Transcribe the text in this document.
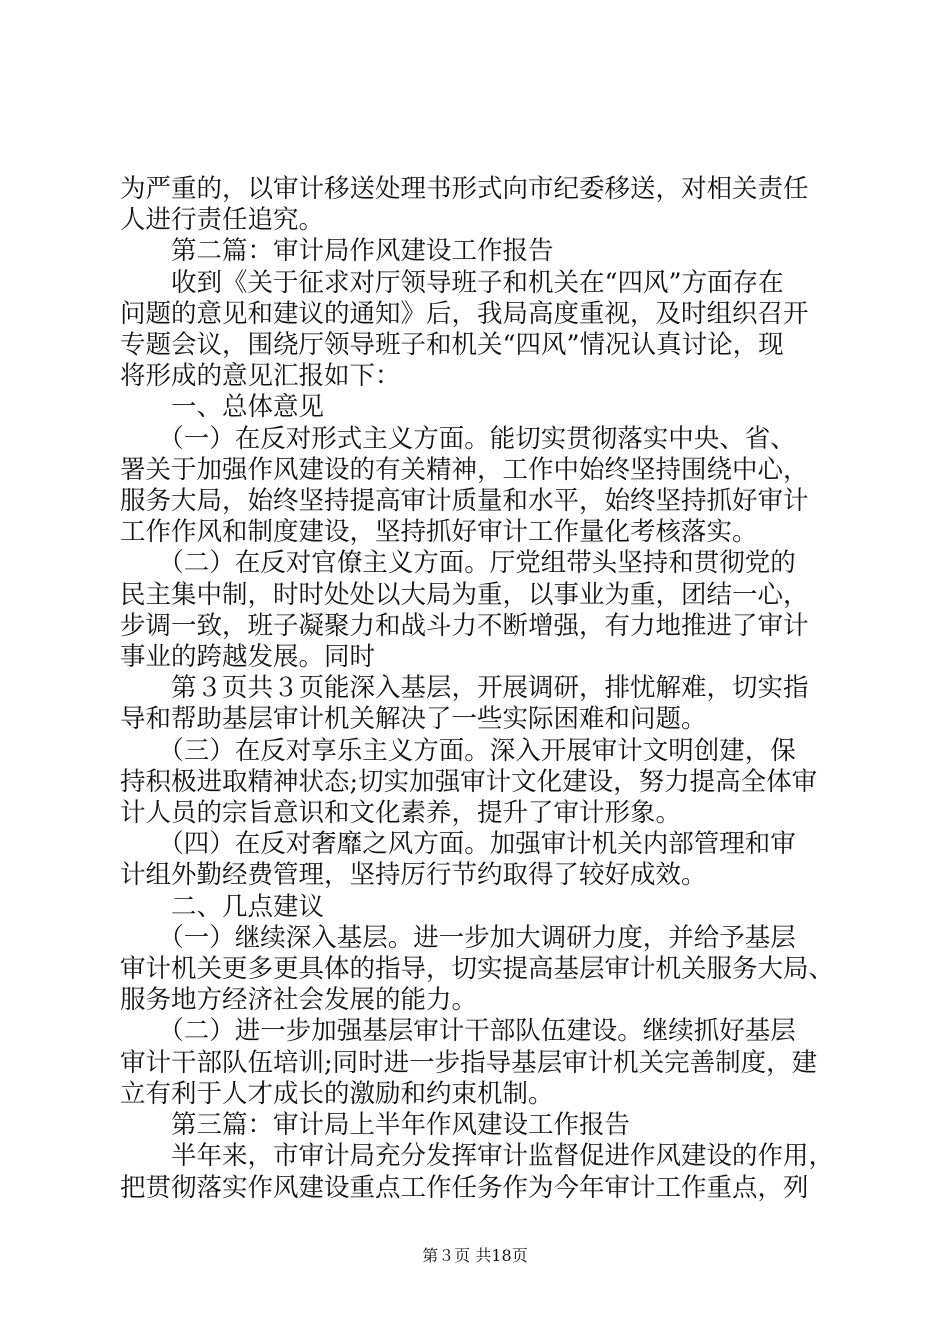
为严重的，以审计移送处理书形式向市纪委移送，对相关责任

人进行责任追究。

　　第二篇：审计局作风建设工作报告

　　收到《关于征求对厅领导班子和机关在“四风”方面存在

问题的意见和建议的通知》后，我局高度重视，及时组织召开

专题会议，围绕厅领导班子和机关“四风”情况认真讨论，现

将形成的意见汇报如下：

　　一、总体意见

　　（一）在反对形式主义方面。能切实贯彻落实中央、省、

署关于加强作风建设的有关精神，工作中始终坚持围绕中心，

服务大局，始终坚持提高审计质量和水平，始终坚持抓好审计

工作作风和制度建设，坚持抓好审计工作量化考核落实。

　　（二）在反对官僚主义方面。厅党组带头坚持和贯彻党的

民主集中制，时时处处以大局为重，以事业为重，团结一心，

步调一致，班子凝聚力和战斗力不断增强，有力地推进了审计

事业的跨越发展。同时

　　第３页共３页能深入基层，开展调研，排忧解难，切实指

导和帮助基层审计机关解决了一些实际困难和问题。

　　（三）在反对享乐主义方面。深入开展审计文明创建，保

持积极进取精神状态;切实加强审计文化建设，努力提高全体审

计人员的宗旨意识和文化素养，提升了审计形象。

　　（四）在反对奢靡之风方面。加强审计机关内部管理和审

计组外勤经费管理，坚持厉行节约取得了较好成效。

　　二、几点建议

　　（一）继续深入基层。进一步加大调研力度，并给予基层

审计机关更多更具体的指导，切实提高基层审计机关服务大局、

服务地方经济社会发展的能力。

　　（二）进一步加强基层审计干部队伍建设。继续抓好基层

审计干部队伍培训;同时进一步指导基层审计机关完善制度，建

立有利于人才成长的激励和约束机制。

　　第三篇：审计局上半年作风建设工作报告

　　半年来，市审计局充分发挥审计监督促进作风建设的作用，

把贯彻落实作风建设重点工作任务作为今年审计工作重点，列

第３页 共18页
